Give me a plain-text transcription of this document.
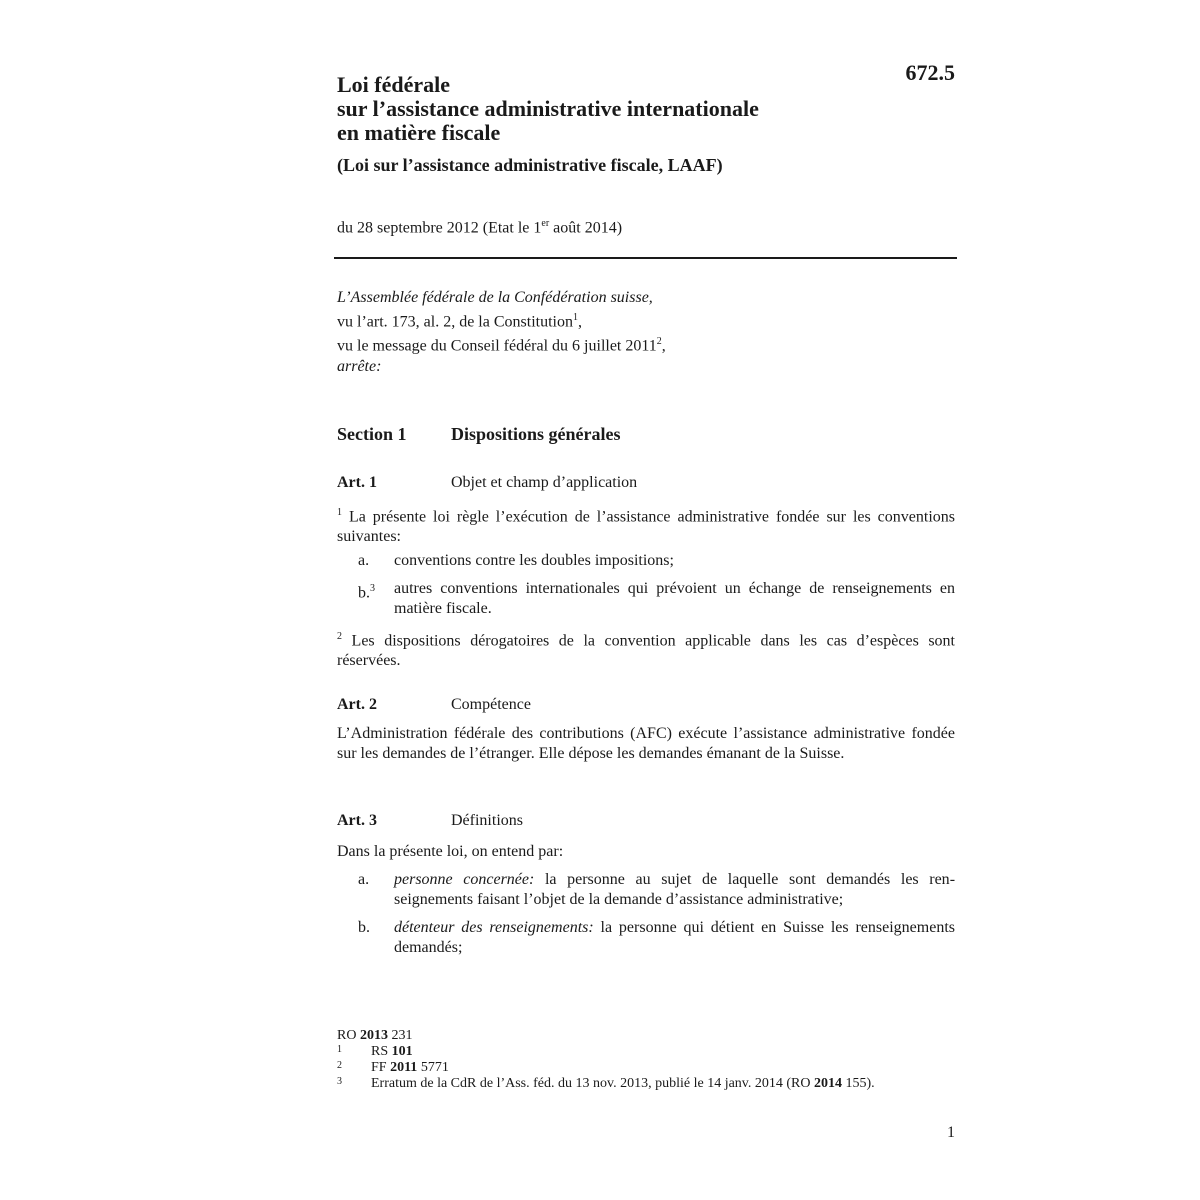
672.5
Loi fédérale
sur l’assistance administrative internationale
en matière fiscale
(Loi sur l’assistance administrative fiscale, LAAF)
du 28 septembre 2012 (Etat le 1er août 2014)
L’Assemblée fédérale de la Confédération suisse,
vu l’art. 173, al. 2, de la Constitution$^1$,
vu le message du Conseil fédéral du 6 juillet 2011$^2$,
arrête:
Section 1 Dispositions générales
Art. 1	Objet et champ d’application
$^1$ La présente loi règle l’exécution de l’assistance administrative fondée sur les conventions suivantes:
a. conventions contre les doubles impositions;
b.$^3$ autres conventions internationales qui prévoient un échange de renseignements en matière fiscale.
$^2$ Les dispositions dérogatoires de la convention applicable dans les cas d’espèces sont réservées.
Art. 2	Compétence
L’Administration fédérale des contributions (AFC) exécute l’assistance administrative fondée sur les demandes de l’étranger. Elle dépose les demandes émanant de la Suisse.
Art. 3	Définitions
Dans la présente loi, on entend par:
a. personne concernée: la personne au sujet de laquelle sont demandés les renseignements faisant l’objet de la demande d’assistance administrative;
b. détenteur des renseignements: la personne qui détient en Suisse les renseignements demandés;
RO 2013 231
1 RS 101
2 FF 2011 5771
3 Erratum de la CdR de l’Ass. féd. du 13 nov. 2013, publié le 14 janv. 2014 (RO 2014 155).
1
